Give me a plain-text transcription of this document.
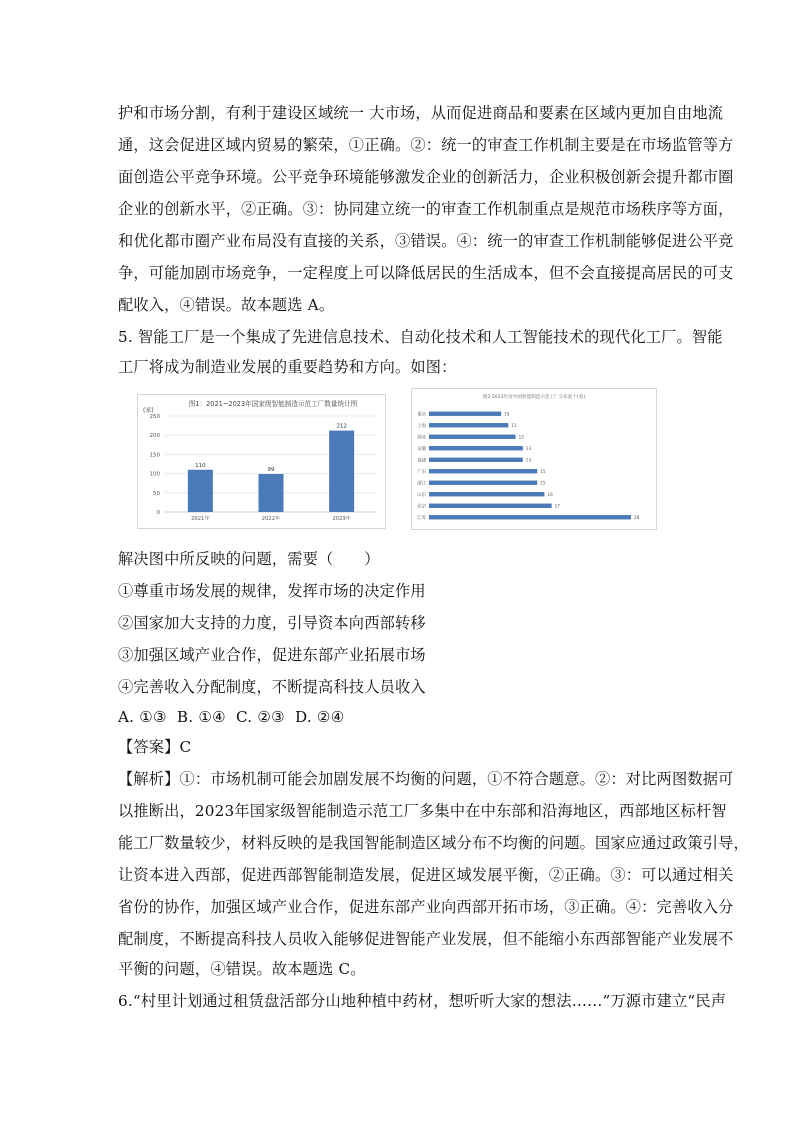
护和市场分割，有利于建设区域统一 大市场，从而促进商品和要素在区域内更加自由地流
通，这会促进区域内贸易的繁荣，①正确。②：统一的审查工作机制主要是在市场监管等方
面创造公平竞争环境。公平竞争环境能够激发企业的创新活力，企业积极创新会提升都市圈
企业的创新水平，②正确。③：协同建立统一的审查工作机制重点是规范市场秩序等方面，
和优化都市圈产业布局没有直接的关系，③错误。④：统一的审查工作机制能够促进公平竞
争，可能加剧市场竞争，一定程度上可以降低居民的生活成本，但不会直接提高居民的可支
配收入，④错误。故本题选 A。
5. 智能工厂是一个集成了先进信息技术、自动化技术和人工智能技术的现代化工厂。智能
工厂将成为制造业发展的重要趋势和方向。如图：
110
99
212
0
50
100
150
200
250
2021年	2022年	2023年
图1：2021~2023年国家级智能制造示范工厂数量统计图
(家)
图2:2023年度中国智能制造示范工厂分布前十(家)
重庆	10
上海	11
湖北	12
安徽	13
福建	13
广东	15
浙江	15
山东	16
北京	17
江苏	28
解决图中所反映的问题，需要（　　）
①尊重市场发展的规律，发挥市场的决定作用
②国家加大支持的力度，引导资本向西部转移
③加强区域产业合作，促进东部产业拓展市场
④完善收入分配制度，不断提高科技人员收入
A. ①③  B. ①④  C. ②③  D. ②④
【答案】C
【解析】①：市场机制可能会加剧发展不均衡的问题，①不符合题意。②：对比两图数据可
以推断出，2023年国家级智能制造示范工厂多集中在中东部和沿海地区，西部地区标杆智
能工厂数量较少，材料反映的是我国智能制造区域分布不均衡的问题。国家应通过政策引导，
让资本进入西部，促进西部智能制造发展，促进区域发展平衡，②正确。③：可以通过相关
省份的协作，加强区域产业合作，促进东部产业向西部开拓市场，③正确。④：完善收入分
配制度，不断提高科技人员收入能够促进智能产业发展，但不能缩小东西部智能产业发展不
平衡的问题，④错误。故本题选 C。
6.“村里计划通过租赁盘活部分山地种植中药材，想听听大家的想法……”万源市建立“民声
